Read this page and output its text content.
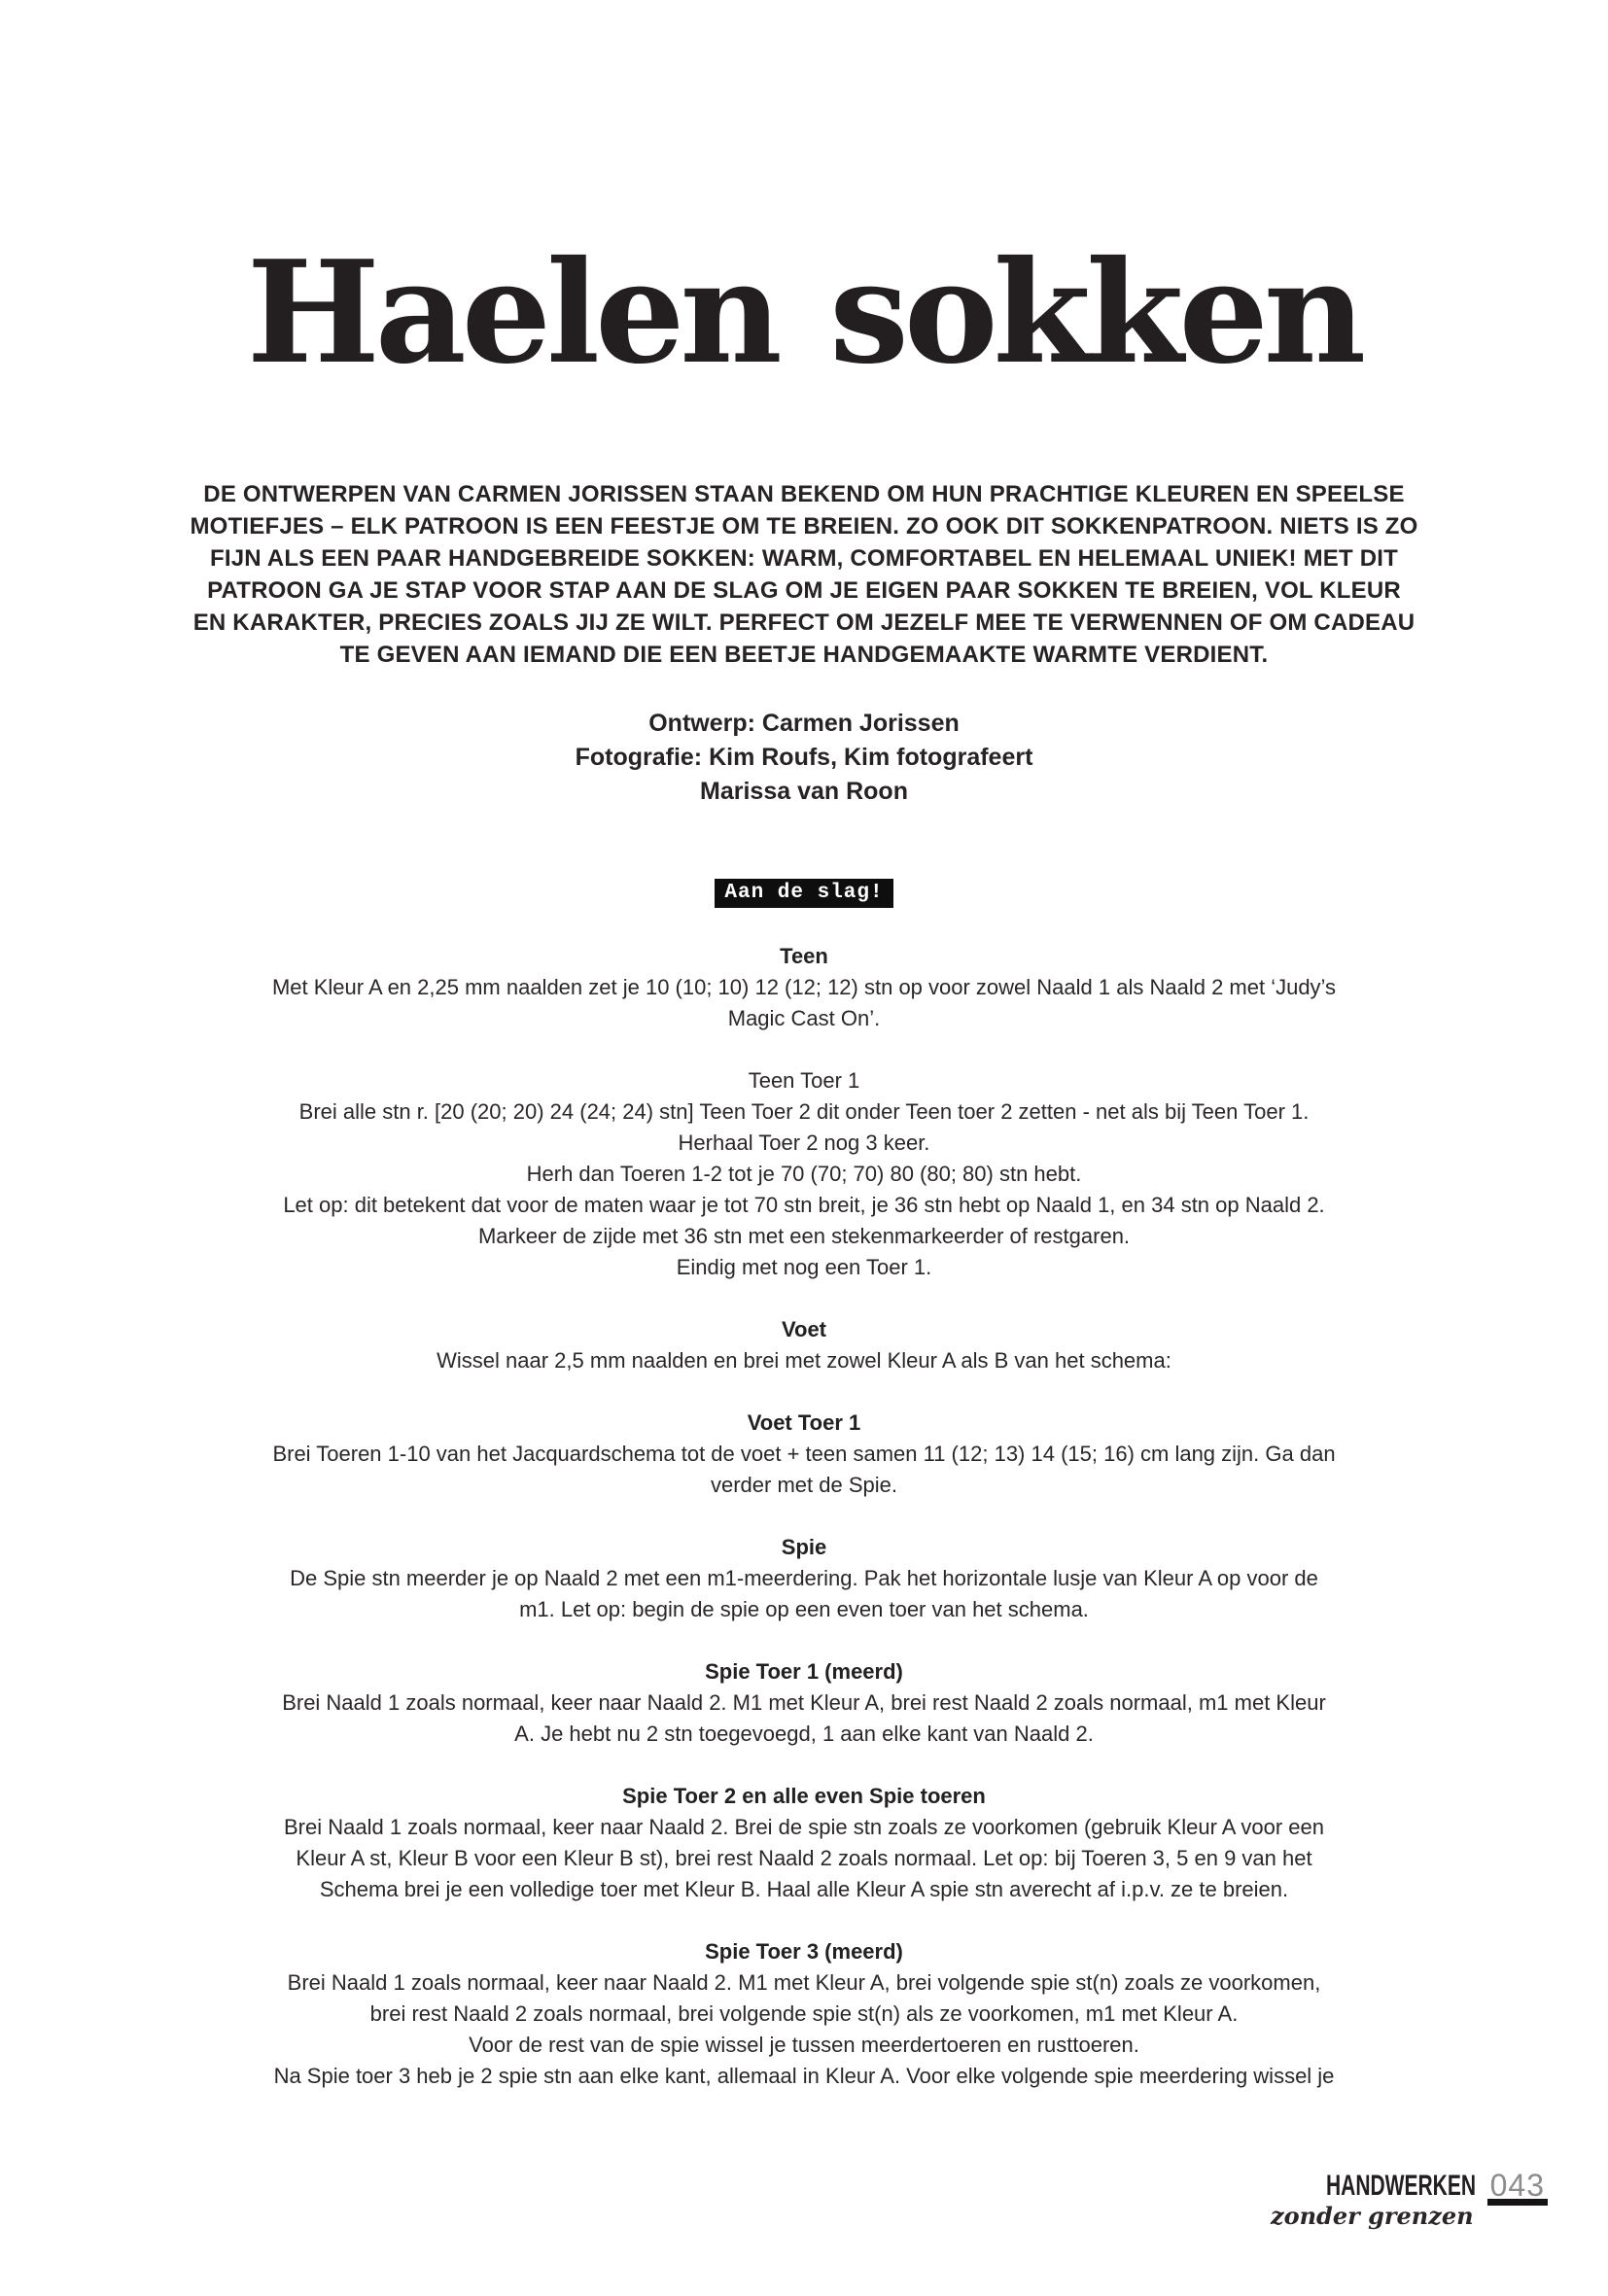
Haelen sokken
DE ONTWERPEN VAN CARMEN JORISSEN STAAN BEKEND OM HUN PRACHTIGE KLEUREN EN SPEELSE
MOTIEFJES – ELK PATROON IS EEN FEESTJE OM TE BREIEN. ZO OOK DIT SOKKENPATROON. NIETS IS ZO
FIJN ALS EEN PAAR HANDGEBREIDE SOKKEN: WARM, COMFORTABEL EN HELEMAAL UNIEK! MET DIT
PATROON GA JE STAP VOOR STAP AAN DE SLAG OM JE EIGEN PAAR SOKKEN TE BREIEN, VOL KLEUR
EN KARAKTER, PRECIES ZOALS JIJ ZE WILT. PERFECT OM JEZELF MEE TE VERWENNEN OF OM CADEAU
TE GEVEN AAN IEMAND DIE EEN BEETJE HANDGEMAAKTE WARMTE VERDIENT.
Ontwerp: Carmen Jorissen
Fotografie: Kim Roufs, Kim fotografeert
Marissa van Roon
Aan de slag!
Teen
Met Kleur A en 2,25 mm naalden zet je 10 (10; 10) 12 (12; 12) stn op voor zowel Naald 1 als Naald 2 met ‘Judy’s
Magic Cast On’.
Teen Toer 1
Brei alle stn r. [20 (20; 20) 24 (24; 24) stn] Teen Toer 2 dit onder Teen toer 2 zetten - net als bij Teen Toer 1.
Herhaal Toer 2 nog 3 keer.
Herh dan Toeren 1-2 tot je 70 (70; 70) 80 (80; 80) stn hebt.
Let op: dit betekent dat voor de maten waar je tot 70 stn breit, je 36 stn hebt op Naald 1, en 34 stn op Naald 2.
Markeer de zijde met 36 stn met een stekenmarkeerder of restgaren.
Eindig met nog een Toer 1.
Voet
Wissel naar 2,5 mm naalden en brei met zowel Kleur A als B van het schema:
Voet Toer 1
Brei Toeren 1-10 van het Jacquardschema tot de voet + teen samen 11 (12; 13) 14 (15; 16) cm lang zijn. Ga dan
verder met de Spie.
Spie
De Spie stn meerder je op Naald 2 met een m1-meerdering. Pak het horizontale lusje van Kleur A op voor de
m1. Let op: begin de spie op een even toer van het schema.
Spie Toer 1 (meerd)
Brei Naald 1 zoals normaal, keer naar Naald 2. M1 met Kleur A, brei rest Naald 2 zoals normaal, m1 met Kleur
A. Je hebt nu 2 stn toegevoegd, 1 aan elke kant van Naald 2.
Spie Toer 2 en alle even Spie toeren
Brei Naald 1 zoals normaal, keer naar Naald 2. Brei de spie stn zoals ze voorkomen (gebruik Kleur A voor een
Kleur A st, Kleur B voor een Kleur B st), brei rest Naald 2 zoals normaal. Let op: bij Toeren 3, 5 en 9 van het
Schema brei je een volledige toer met Kleur B. Haal alle Kleur A spie stn averecht af i.p.v. ze te breien.
Spie Toer 3 (meerd)
Brei Naald 1 zoals normaal, keer naar Naald 2. M1 met Kleur A, brei volgende spie st(n) zoals ze voorkomen,
brei rest Naald 2 zoals normaal, brei volgende spie st(n) als ze voorkomen, m1 met Kleur A.
Voor de rest van de spie wissel je tussen meerdertoeren en rusttoeren.
Na Spie toer 3 heb je 2 spie stn aan elke kant, allemaal in Kleur A. Voor elke volgende spie meerdering wissel je
HANDWERKEN
zonder grenzen
043
